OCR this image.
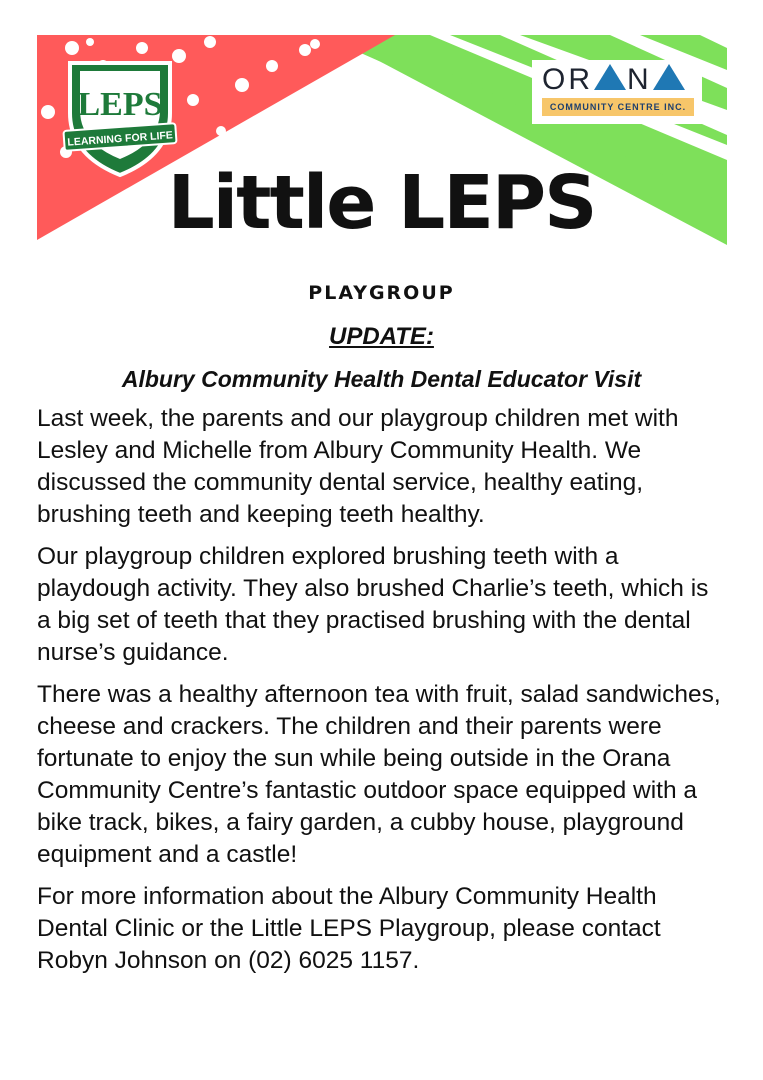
LEPS
LEARNING FOR LIFE
OR N
COMMUNITY CENTRE INC.
Little LEPS
PLAYGROUP
UPDATE:
Albury Community Health Dental Educator Visit

Last week, the parents and our playgroup children met with Lesley and Michelle from Albury Community Health. We discussed the community dental service, healthy eating, brushing teeth and keeping teeth healthy.

Our playgroup children explored brushing teeth with a playdough activity. They also brushed Charlie’s teeth, which is a big set of teeth that they practised brushing with the dental nurse’s guidance.

There was a healthy afternoon tea with fruit, salad sandwiches, cheese and crackers. The children and their parents were fortunate to enjoy the sun while being outside in the Orana Community Centre’s fantastic outdoor space equipped with a bike track, bikes, a fairy garden, a cubby house, playground equipment and a castle!

For more information about the Albury Community Health Dental Clinic or the Little LEPS Playgroup, please contact Robyn Johnson on (02) 6025 1157.
